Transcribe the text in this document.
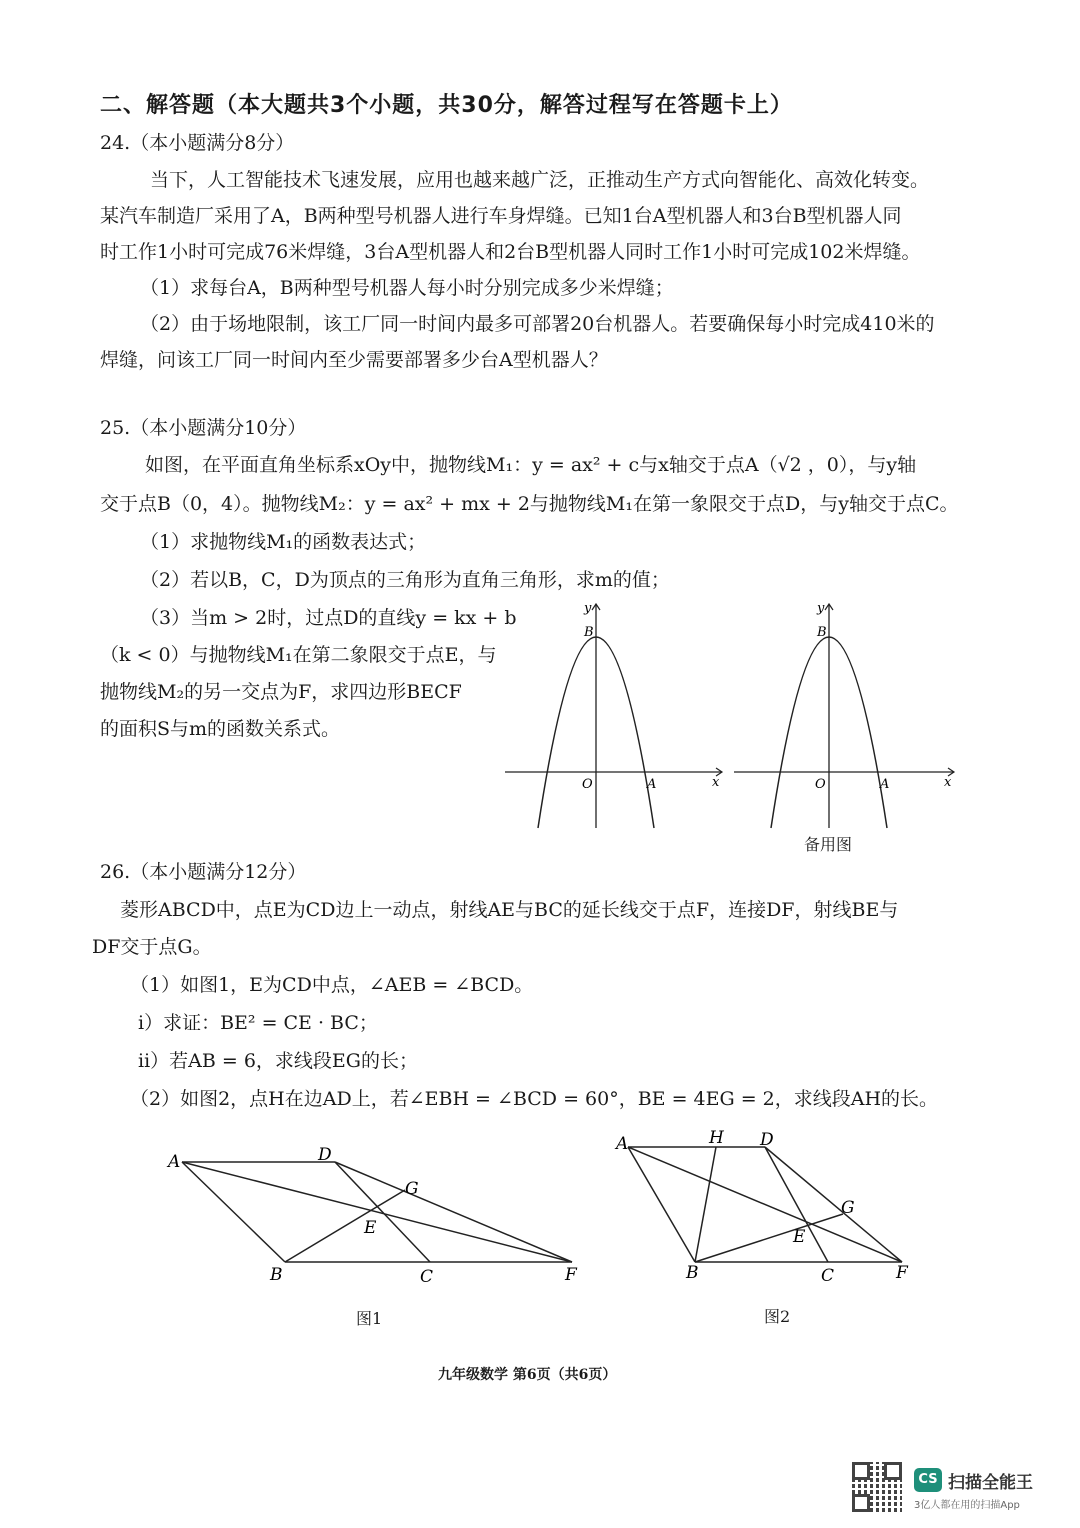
二、解答题（本大题共3个小题，共30分，解答过程写在答题卡上）
24.（本小题满分8分）
当下，人工智能技术飞速发展，应用也越来越广泛，正推动生产方式向智能化、高效化转变。
某汽车制造厂采用了A，B两种型号机器人进行车身焊缝。已知1台A型机器人和3台B型机器人同
时工作1小时可完成76米焊缝，3台A型机器人和2台B型机器人同时工作1小时可完成102米焊缝。
（1）求每台A，B两种型号机器人每小时分别完成多少米焊缝；
（2）由于场地限制，该工厂同一时间内最多可部署20台机器人。若要确保每小时完成410米的
焊缝，问该工厂同一时间内至少需要部署多少台A型机器人？
25.（本小题满分10分）
如图，在平面直角坐标系xOy中，抛物线M₁：y = ax² + c与x轴交于点A（√2 ，0），与y轴
交于点B（0，4）。抛物线M₂：y = ax² + mx + 2与抛物线M₁在第一象限交于点D，与y轴交于点C。
（1）求抛物线M₁的函数表达式；
（2）若以B，C，D为顶点的三角形为直角三角形，求m的值；
（3）当m > 2时，过点D的直线y = kx + b
（k < 0）与抛物线M₁在第二象限交于点E，与
抛物线M₂的另一交点为F，求四边形BECF
的面积S与m的函数关系式。
y
B
O	A	x
y
B
O	A	x
备用图
26.（本小题满分12分）
菱形ABCD中，点E为CD边上一动点，射线AE与BC的延长线交于点F，连接DF，射线BE与
DF交于点G。
（1）如图1，E为CD中点，∠AEB = ∠BCD。
ⅰ）求证：BE² = CE · BC；
ⅱ）若AB = 6，求线段EG的长；
（2）如图2，点H在边AD上，若∠EBH = ∠BCD = 60°，BE = 4EG = 2，求线段AH的长。
A	D
G
E
B	C	F
图1
A	H D
G
E
B	C	F
图2
九年级数学 第6页（共6页）
CS 扫描全能王
3亿人都在用的扫描App
